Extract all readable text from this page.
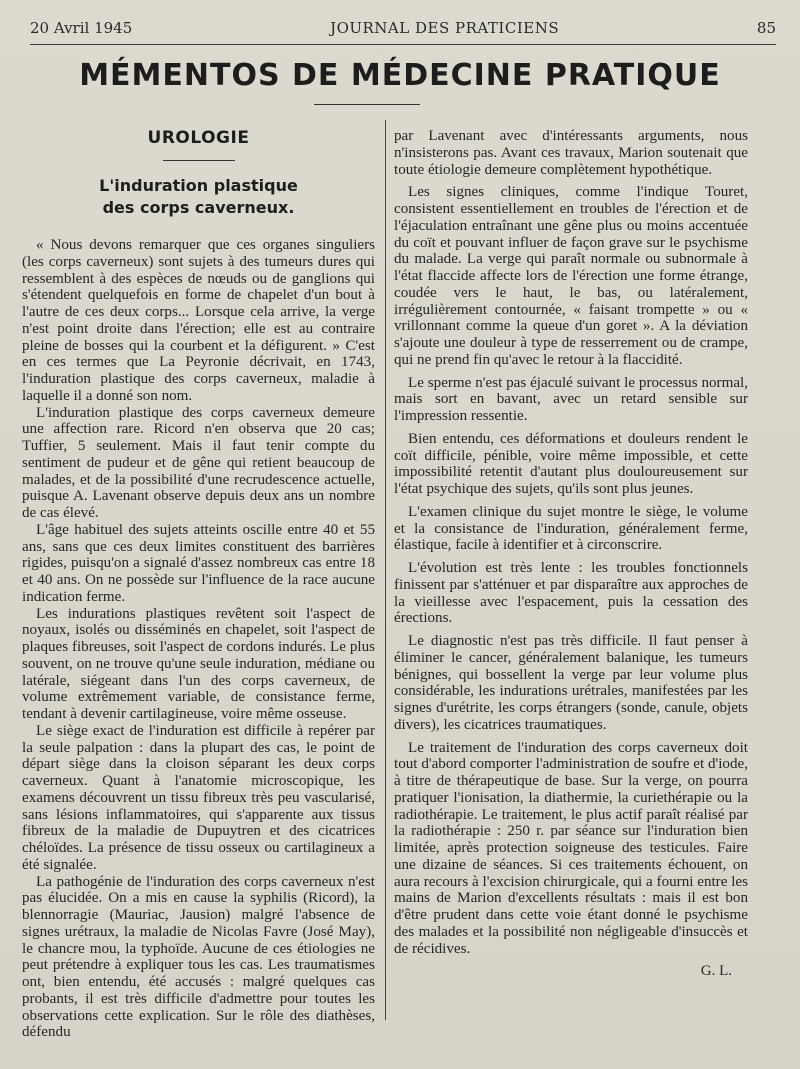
20 Avril 1945	JOURNAL DES PRATICIENS	85
MÉMENTOS DE MÉDECINE PRATIQUE
UROLOGIE
L'induration plastique
des corps caverneux.

« Nous devons remarquer que ces organes singuliers (les corps caverneux) sont sujets à des tumeurs dures qui ressemblent à des espèces de nœuds ou de ganglions qui s'étendent quelquefois en forme de chapelet d'un bout à l'autre de ces deux corps... Lorsque cela arrive, la verge n'est point droite dans l'érection; elle est au contraire pleine de bosses qui la courbent et la défigurent. » C'est en ces termes que La Peyronie décrivait, en 1743, l'induration plastique des corps caverneux, maladie à laquelle il a donné son nom.

L'induration plastique des corps caverneux demeure une affection rare. Ricord n'en observa que 20 cas; Tuffier, 5 seulement. Mais il faut tenir compte du sentiment de pudeur et de gêne qui retient beaucoup de malades, et de la possibilité d'une recrudescence actuelle, puisque A. Lavenant observe depuis deux ans un nombre de cas élevé.

L'âge habituel des sujets atteints oscille entre 40 et 55 ans, sans que ces deux limites constituent des barrières rigides, puisqu'on a signalé d'assez nombreux cas entre 18 et 40 ans. On ne possède sur l'influence de la race aucune indication ferme.

Les indurations plastiques revêtent soit l'aspect de noyaux, isolés ou disséminés en chapelet, soit l'aspect de plaques fibreuses, soit l'aspect de cordons indurés. Le plus souvent, on ne trouve qu'une seule induration, médiane ou latérale, siégeant dans l'un des corps caverneux, de volume extrêmement variable, de consistance ferme, tendant à devenir cartilagineuse, voire même osseuse.

Le siège exact de l'induration est difficile à repérer par la seule palpation : dans la plupart des cas, le point de départ siège dans la cloison séparant les deux corps caverneux. Quant à l'anatomie microscopique, les examens découvrent un tissu fibreux très peu vascularisé, sans lésions inflammatoires, qui s'apparente aux tissus fibreux de la maladie de Dupuytren et des cicatrices chéloïdes. La présence de tissu osseux ou cartilagineux a été signalée.

La pathogénie de l'induration des corps caverneux n'est pas élucidée. On a mis en cause la syphilis (Ricord), la blennorragie (Mauriac, Jausion) malgré l'absence de signes urétraux, la maladie de Nicolas Favre (José May), le chancre mou, la typhoïde. Aucune de ces étiologies ne peut prétendre à expliquer tous les cas. Les traumatismes ont, bien entendu, été accusés : malgré quelques cas probants, il est très difficile d'admettre pour toutes les observations cette explication. Sur le rôle des diathèses, défendu

par Lavenant avec d'intéressants arguments, nous n'insisterons pas. Avant ces travaux, Marion soutenait que toute étiologie demeure complètement hypothétique.

Les signes cliniques, comme l'indique Touret, consistent essentiellement en troubles de l'érection et de l'éjaculation entraînant une gêne plus ou moins accentuée du coït et pouvant influer de façon grave sur le psychisme du malade. La verge qui paraît normale ou subnormale à l'état flaccide affecte lors de l'érection une forme étrange, coudée vers le haut, le bas, ou latéralement, irrégulièrement contournée, « faisant trompette » ou « vrillonnant comme la queue d'un goret ». A la déviation s'ajoute une douleur à type de resserrement ou de crampe, qui ne prend fin qu'avec le retour à la flaccidité.

Le sperme n'est pas éjaculé suivant le processus normal, mais sort en bavant, avec un retard sensible sur l'impression ressentie.

Bien entendu, ces déformations et douleurs rendent le coït difficile, pénible, voire même impossible, et cette impossibilité retentit d'autant plus douloureusement sur l'état psychique des sujets, qu'ils sont plus jeunes.

L'examen clinique du sujet montre le siège, le volume et la consistance de l'induration, généralement ferme, élastique, facile à identifier et à circonscrire.

L'évolution est très lente : les troubles fonctionnels finissent par s'atténuer et par disparaître aux approches de la vieillesse avec l'espacement, puis la cessation des érections.

Le diagnostic n'est pas très difficile. Il faut penser à éliminer le cancer, généralement balanique, les tumeurs bénignes, qui bossellent la verge par leur volume plus considérable, les indurations urétrales, manifestées par les signes d'urétrite, les corps étrangers (sonde, canule, objets divers), les cicatrices traumatiques.

Le traitement de l'induration des corps caverneux doit tout d'abord comporter l'administration de soufre et d'iode, à titre de thérapeutique de base. Sur la verge, on pourra pratiquer l'ionisation, la diathermie, la curiethérapie ou la radiothérapie. Le traitement, le plus actif paraît réalisé par la radiothérapie : 250 r. par séance sur l'induration bien limitée, après protection soigneuse des testicules. Faire une dizaine de séances. Si ces traitements échouent, on aura recours à l'excision chirurgicale, qui a fourni entre les mains de Marion d'excellents résultats : mais il est bon d'être prudent dans cette voie étant donné le psychisme des malades et la possibilité non négligeable d'insuccès et de récidives.

G. L.
